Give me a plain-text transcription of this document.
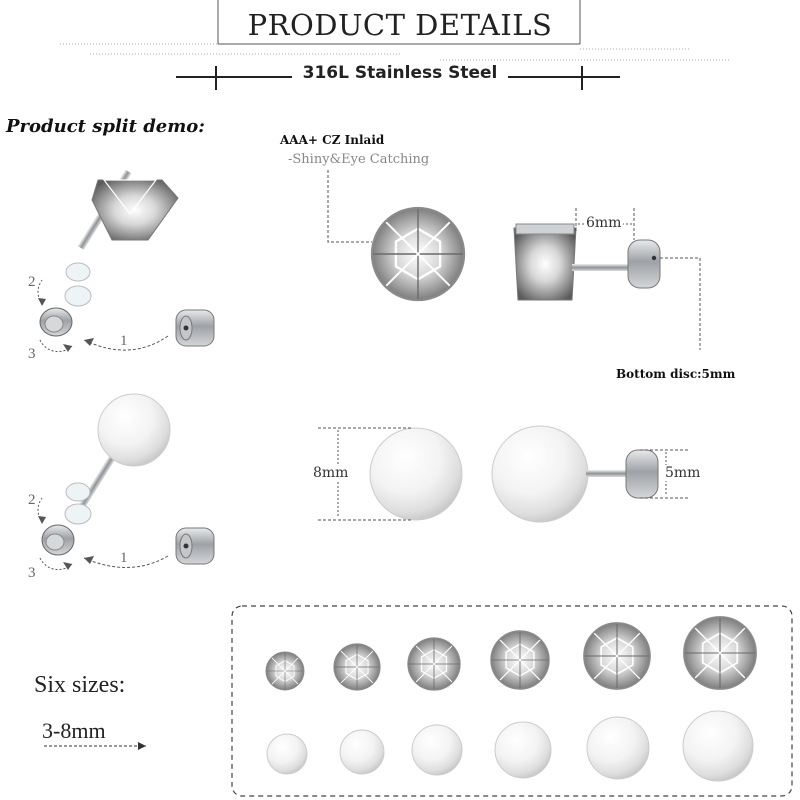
PRODUCT DETAILS
316L Stainless Steel
Product split demo:
1
2
3
1
2
3
AAA+ CZ Inlaid
-Shiny&Eye Catching
6mm
Bottom disc:5mm
8mm	5mm
Six sizes:
3-8mm
